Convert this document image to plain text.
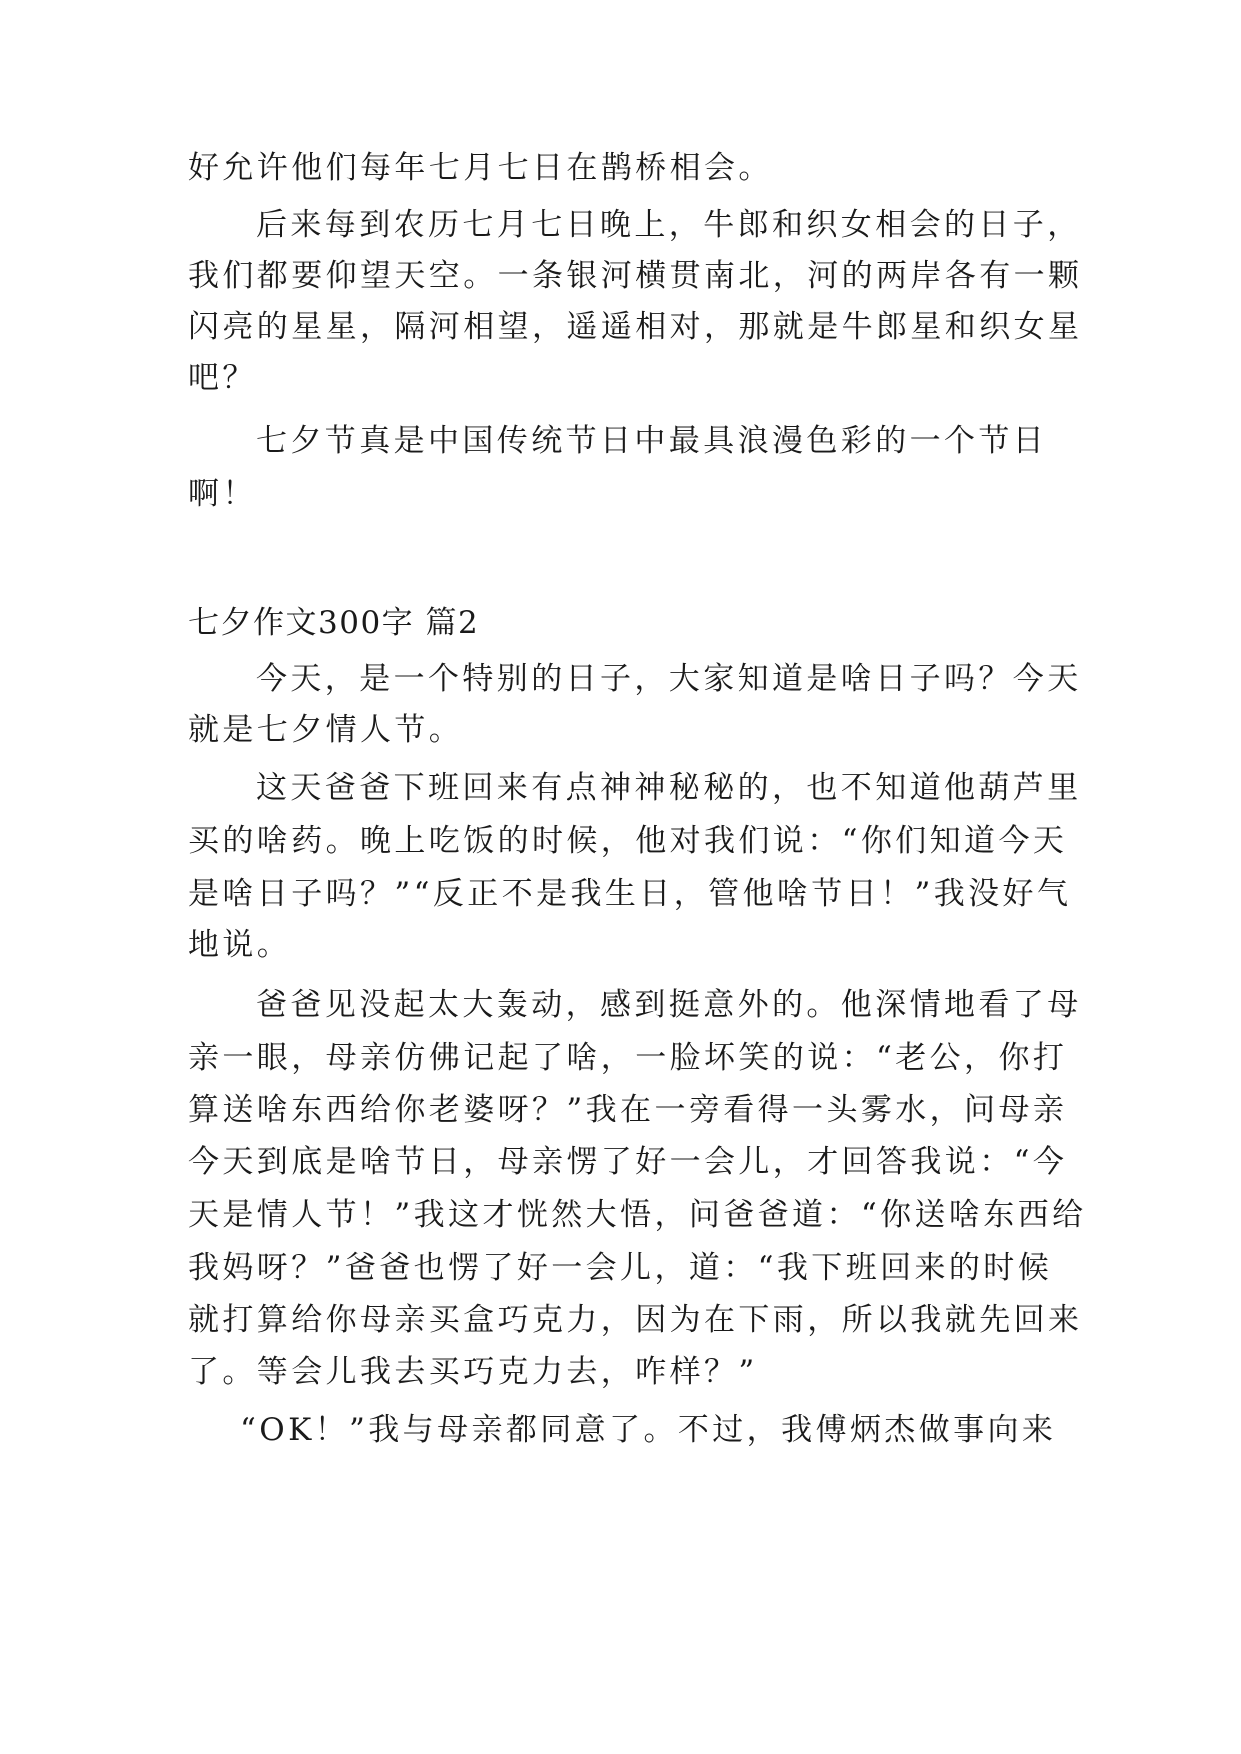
好允许他们每年七月七日在鹊桥相会。
后来每到农历七月七日晚上，牛郎和织女相会的日子，
我们都要仰望天空。一条银河横贯南北，河的两岸各有一颗
闪亮的星星，隔河相望，遥遥相对，那就是牛郎星和织女星
吧？
七夕节真是中国传统节日中最具浪漫色彩的一个节日
啊！
七夕作文300字 篇2
今天，是一个特别的日子，大家知道是啥日子吗？今天
就是七夕情人节。
这天爸爸下班回来有点神神秘秘的，也不知道他葫芦里
买的啥药。晚上吃饭的时候，他对我们说：“你们知道今天
是啥日子吗？”“反正不是我生日，管他啥节日！”我没好气
地说。
爸爸见没起太大轰动，感到挺意外的。他深情地看了母
亲一眼，母亲仿佛记起了啥，一脸坏笑的说：“老公，你打
算送啥东西给你老婆呀？”我在一旁看得一头雾水，问母亲
今天到底是啥节日，母亲愣了好一会儿，才回答我说：“今
天是情人节！”我这才恍然大悟，问爸爸道：“你送啥东西给
我妈呀？”爸爸也愣了好一会儿，道：“我下班回来的时候
就打算给你母亲买盒巧克力，因为在下雨，所以我就先回来
了。等会儿我去买巧克力去，咋样？”
“OK！”我与母亲都同意了。不过，我傅炳杰做事向来
